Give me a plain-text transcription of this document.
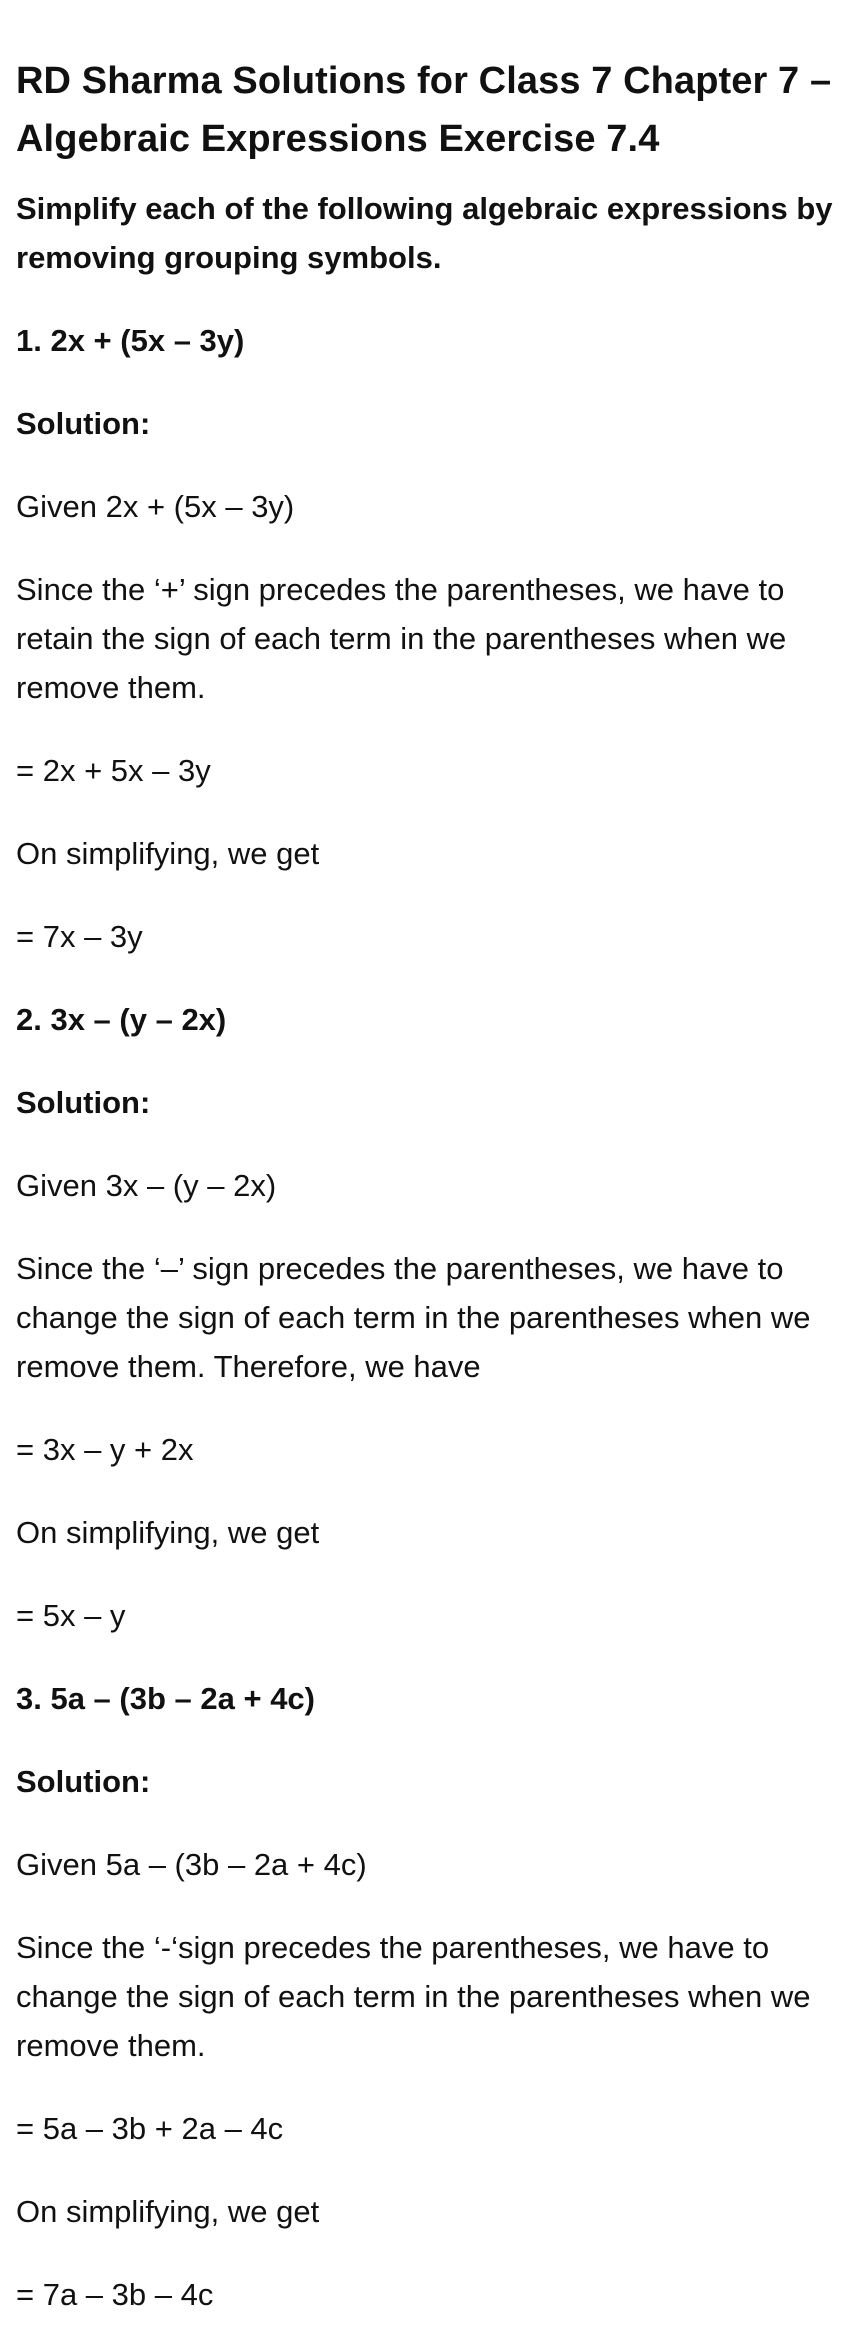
RD Sharma Solutions for Class 7 Chapter 7 – Algebraic Expressions Exercise 7.4
Simplify each of the following algebraic expressions by removing grouping symbols.
1. 2x + (5x – 3y)
Solution:
Given 2x + (5x – 3y)
Since the ‘+’ sign precedes the parentheses, we have to retain the sign of each term in the parentheses when we remove them.
= 2x + 5x – 3y
On simplifying, we get
= 7x – 3y
2. 3x – (y – 2x)
Solution:
Given 3x – (y – 2x)
Since the ‘–’ sign precedes the parentheses, we have to change the sign of each term in the parentheses when we remove them. Therefore, we have
= 3x – y + 2x
On simplifying, we get
= 5x – y
3. 5a – (3b – 2a + 4c)
Solution:
Given 5a – (3b – 2a + 4c)
Since the ‘-‘sign precedes the parentheses, we have to change the sign of each term in the parentheses when we remove them.
= 5a – 3b + 2a – 4c
On simplifying, we get
= 7a – 3b – 4c
